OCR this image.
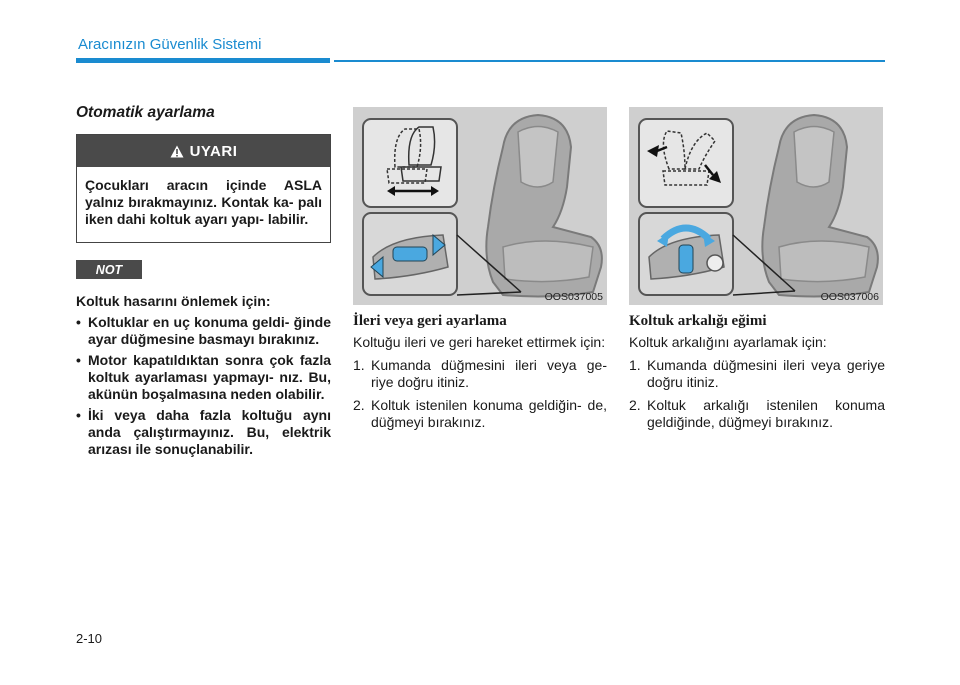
Aracınızın Güvenlik Sistemi
Otomatik ayarlama
UYARI
Çocukları aracın içinde ASLA yalnız bırakmayınız. Kontak ka- palı iken dahi koltuk ayarı yapı- labilir.
NOT
Koltuk hasarını önlemek için:
• Koltuklar en uç konuma geldi- ğinde ayar düğmesine basmayı bırakınız.
• Motor kapatıldıktan sonra çok fazla koltuk ayarlaması yapmayı- nız. Bu, akünün boşalmasına neden olabilir.
• İki veya daha fazla koltuğu aynı anda çalıştırmayınız. Bu, elektrik arızası ile sonuçlanabilir.
OOS037005	OOS037006
İleri veya geri ayarlama
Koltuğu ileri ve geri hareket ettirmek için:
1. Kumanda düğmesini ileri veya ge- riye doğru itiniz.
2. Koltuk istenilen konuma geldiğin- de, düğmeyi bırakınız.
Koltuk arkalığı eğimi
Koltuk arkalığını ayarlamak için:
1. Kumanda düğmesini ileri veya geriye doğru itiniz.
2. Koltuk arkalığı istenilen konuma geldiğinde, düğmeyi bırakınız.
2-10
